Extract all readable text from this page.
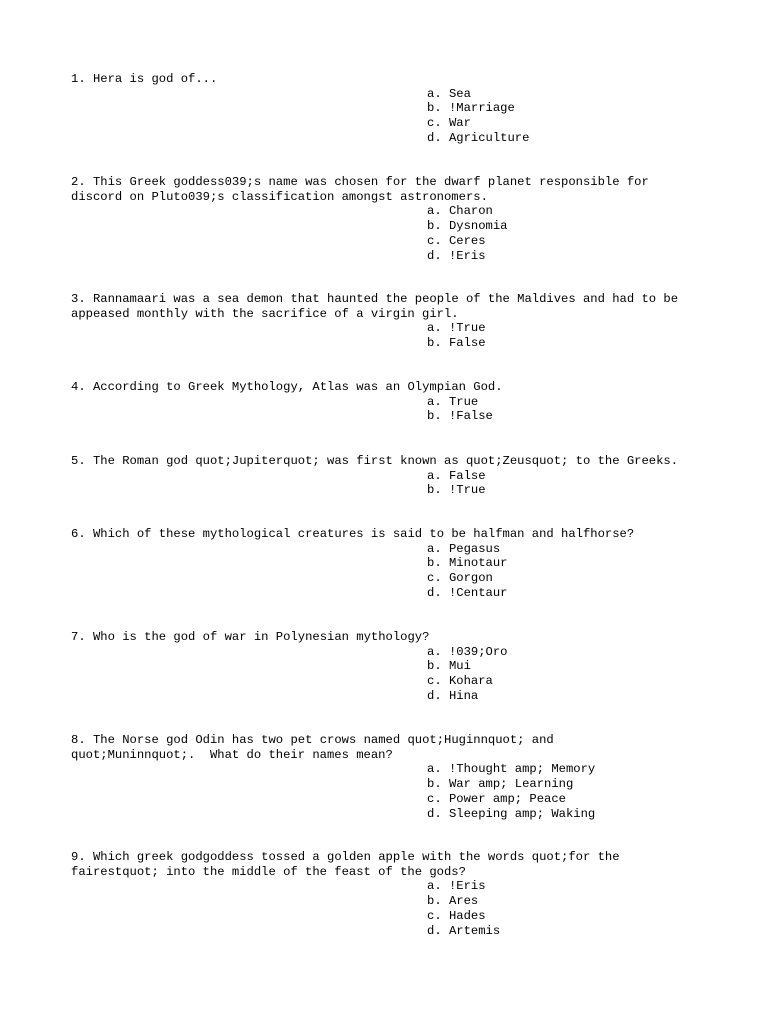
1. Hera is god of...

a. Sea
b. !Marriage
c. War
d. Agriculture

2. This Greek goddess039;s name was chosen for the dwarf planet responsible for
discord on Pluto039;s classification amongst astronomers.

a. Charon
b. Dysnomia
c. Ceres
d. !Eris

3. Rannamaari was a sea demon that haunted the people of the Maldives and had to be
appeased monthly with the sacrifice of a virgin girl.

a. !True
b. False

4. According to Greek Mythology, Atlas was an Olympian God.

a. True
b. !False

5. The Roman god quot;Jupiterquot; was first known as quot;Zeusquot; to the Greeks.

a. False
b. !True

6. Which of these mythological creatures is said to be halfman and halfhorse?

a. Pegasus
b. Minotaur
c. Gorgon
d. !Centaur

7. Who is the god of war in Polynesian mythology?

a. !039;Oro
b. Mui
c. Kohara
d. Hina

8. The Norse god Odin has two pet crows named quot;Huginnquot; and
quot;Muninnquot;.  What do their names mean?

a. !Thought amp; Memory
b. War amp; Learning
c. Power amp; Peace
d. Sleeping amp; Waking

9. Which greek godgoddess tossed a golden apple with the words quot;for the
fairestquot; into the middle of the feast of the gods?

a. !Eris
b. Ares
c. Hades
d. Artemis
